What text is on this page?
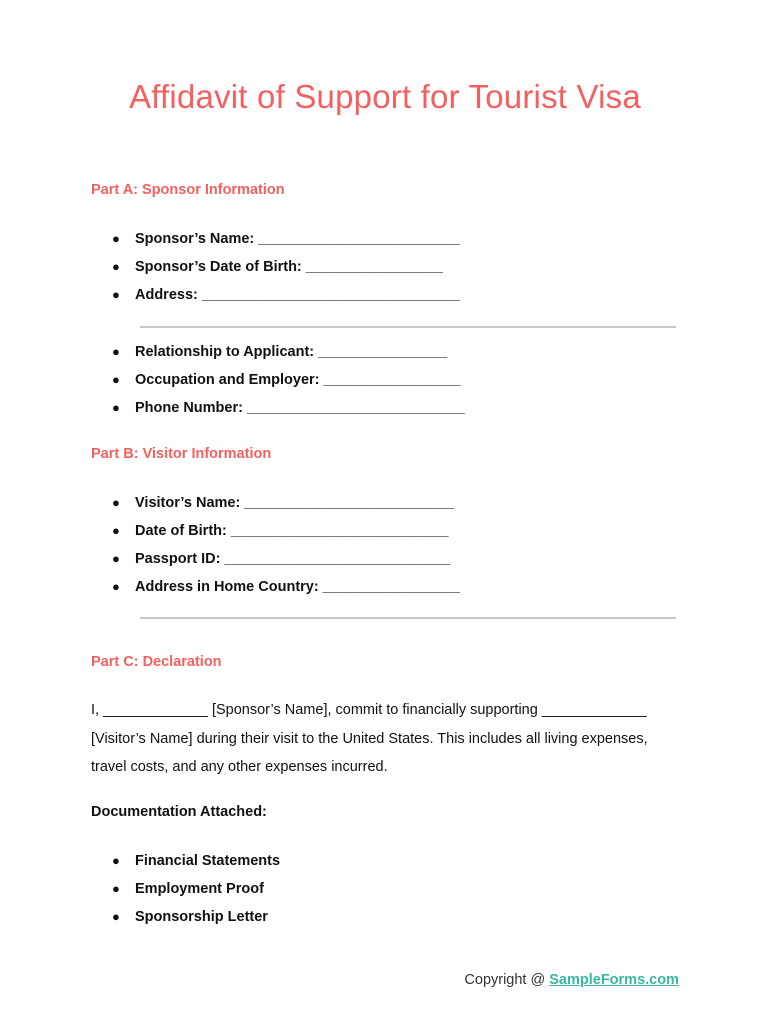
Affidavit of Support for Tourist Visa
Part A: Sponsor Information
● Sponsor’s Name: _________________________
● Sponsor’s Date of Birth: _________________
● Address: ________________________________
● Relationship to Applicant: ________________
● Occupation and Employer: _________________
● Phone Number: ___________________________
Part B: Visitor Information
● Visitor’s Name: __________________________
● Date of Birth: ___________________________
● Passport ID: ____________________________
● Address in Home Country: _________________
Part C: Declaration
I, _____________ [Sponsor’s Name], commit to financially supporting _____________
[Visitor’s Name] during their visit to the United States. This includes all living expenses,
travel costs, and any other expenses incurred.
Documentation Attached:
● Financial Statements
● Employment Proof
● Sponsorship Letter
Copyright @ SampleForms.com
